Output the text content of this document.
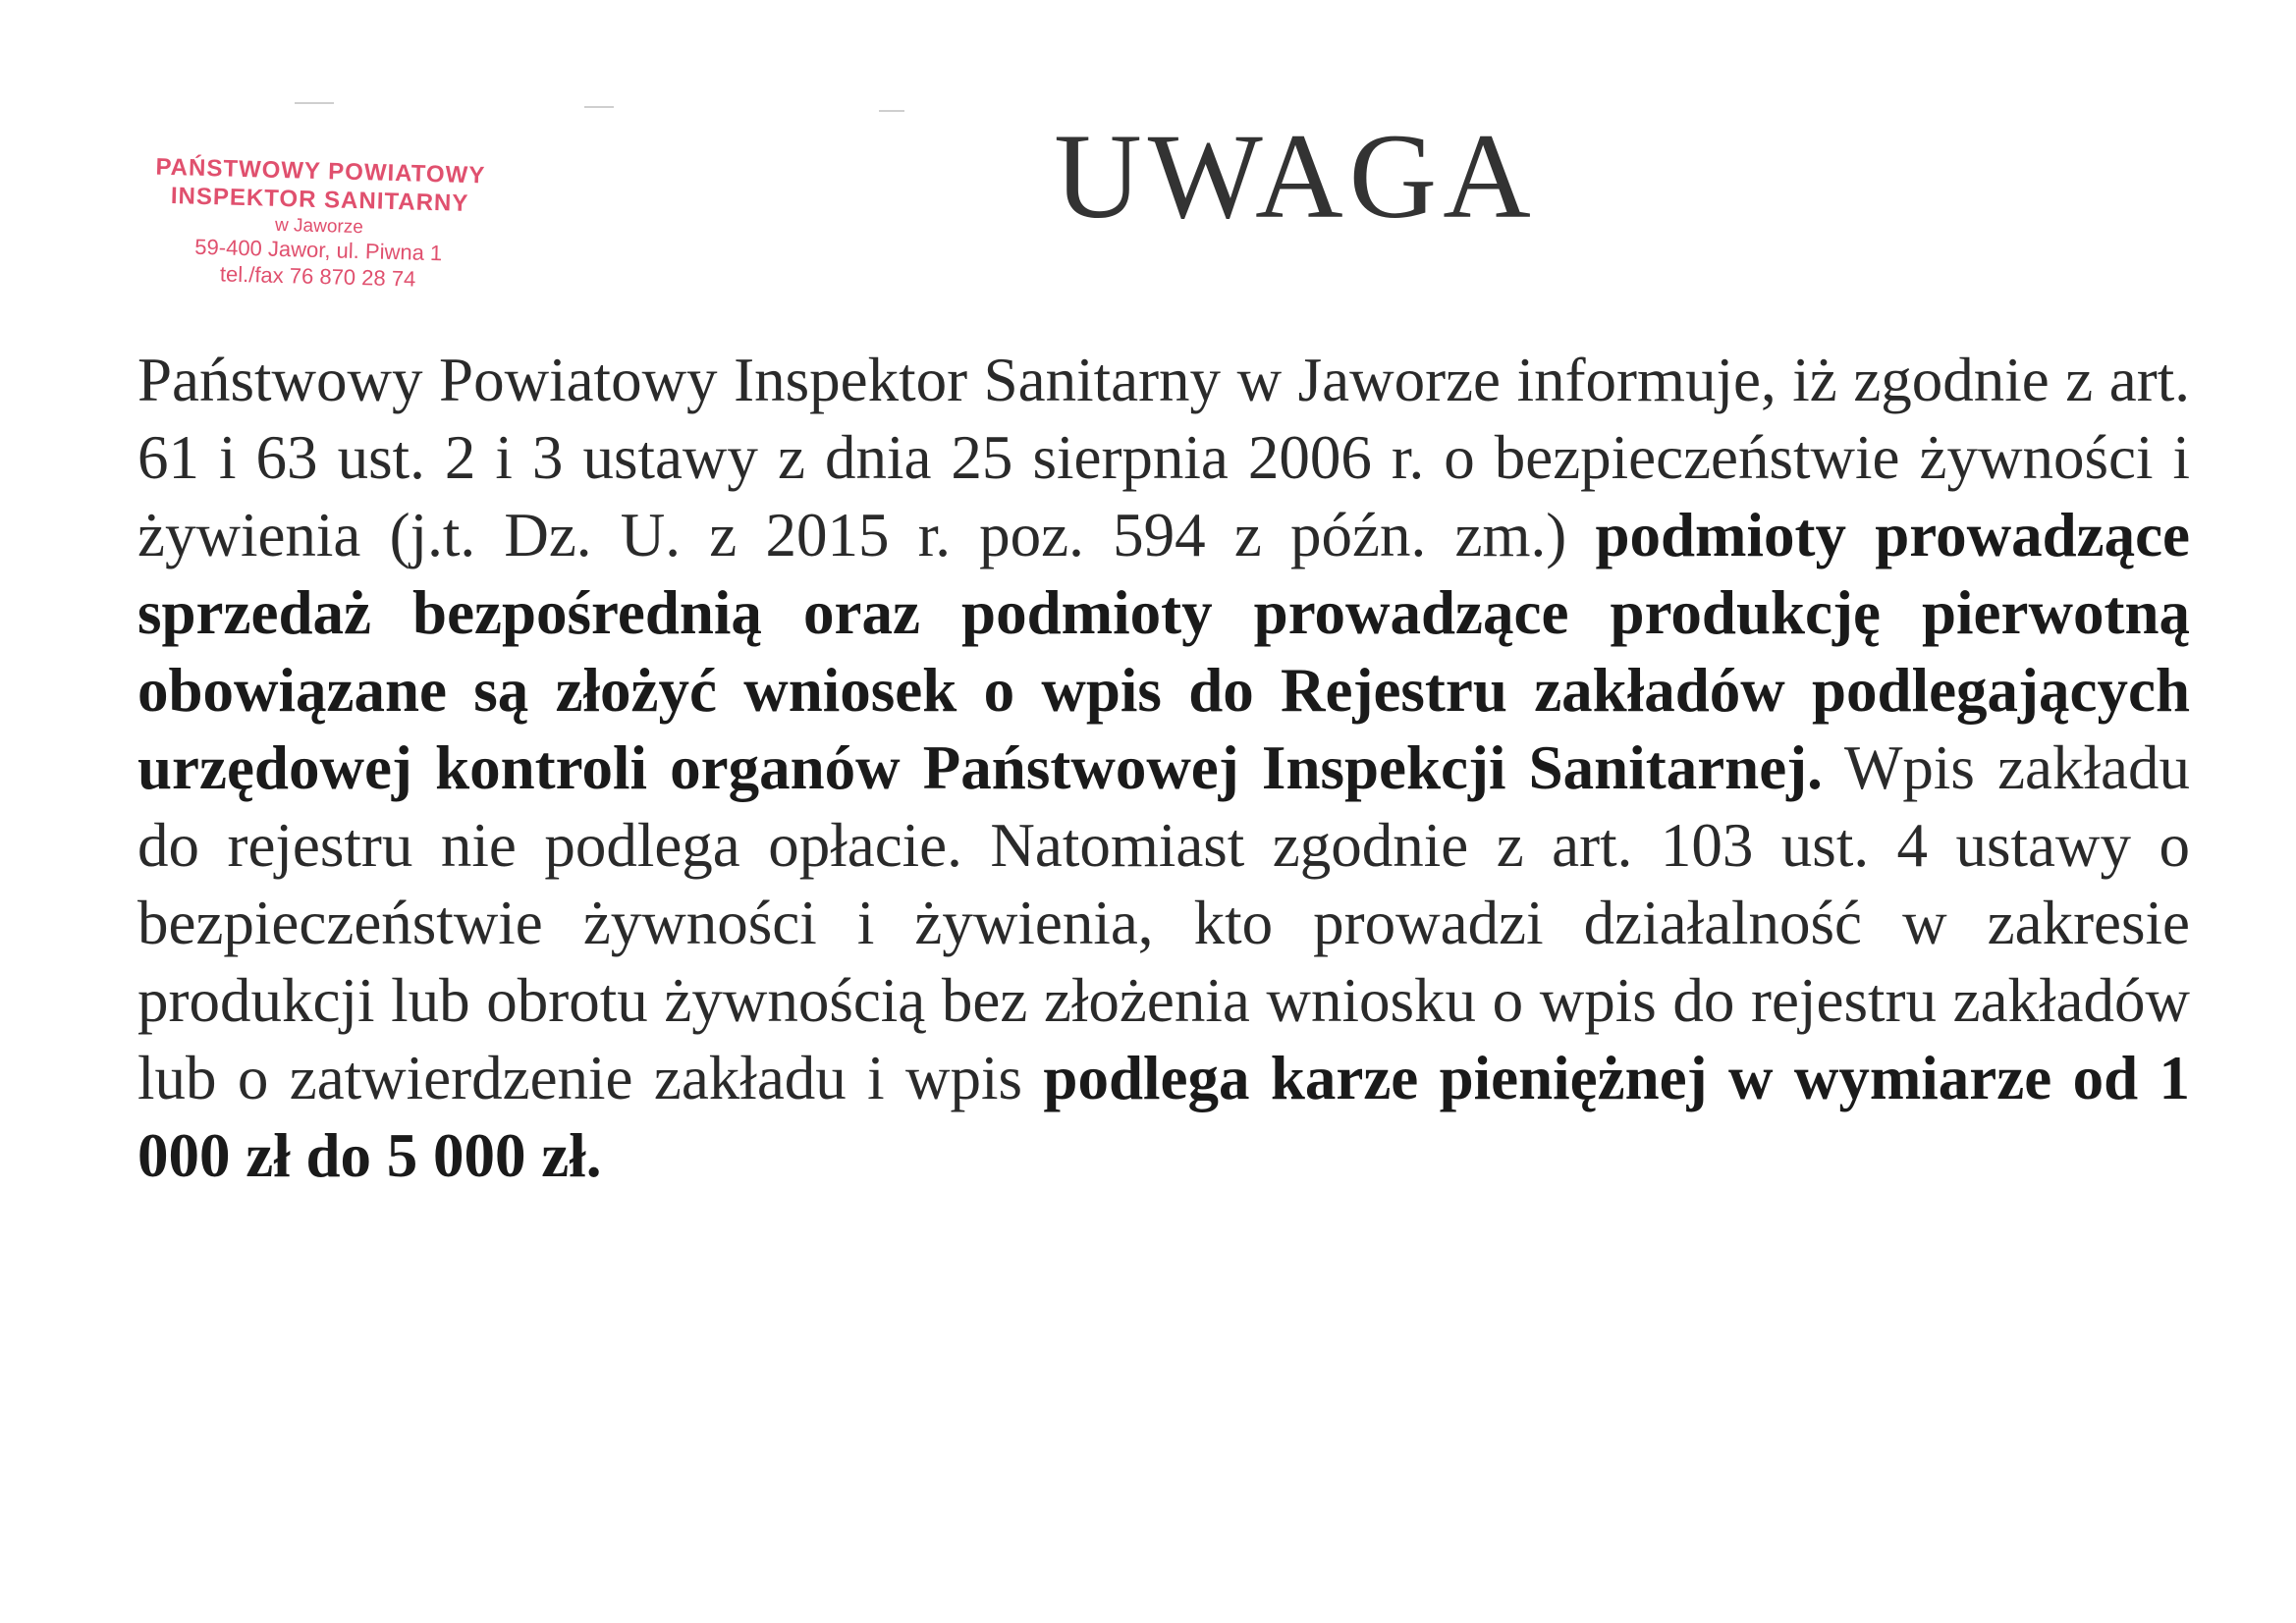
PAŃSTWOWY POWIATOWY
INSPEKTOR SANITARNY
w Jaworze
59-400 Jawor, ul. Piwna 1
tel./fax 76 870 28 74
UWAGA

Państwowy Powiatowy Inspektor Sanitarny w Jaworze informuje, iż zgodnie z art. 61 i 63 ust. 2 i 3 ustawy z dnia 25 sierpnia 2006 r. o bezpieczeństwie żywności i żywienia (j.t. Dz. U. z 2015 r. poz. 594 z późn. zm.) podmioty prowadzące sprzedaż bezpośrednią oraz podmioty prowadzące produkcję pierwotną obowiązane są złożyć wniosek o wpis do Rejestru zakładów podlegających urzędowej kontroli organów Państwowej Inspekcji Sanitarnej. Wpis zakładu do rejestru nie podlega opłacie. Natomiast zgodnie z art. 103 ust. 4 ustawy o bezpieczeństwie żywności i żywienia, kto prowadzi działalność w zakresie produkcji lub obrotu żywnością bez złożenia wniosku o wpis do rejestru zakładów lub o zatwierdzenie zakładu i wpis podlega karze pieniężnej w wymiarze od 1 000 zł do 5 000 zł.
